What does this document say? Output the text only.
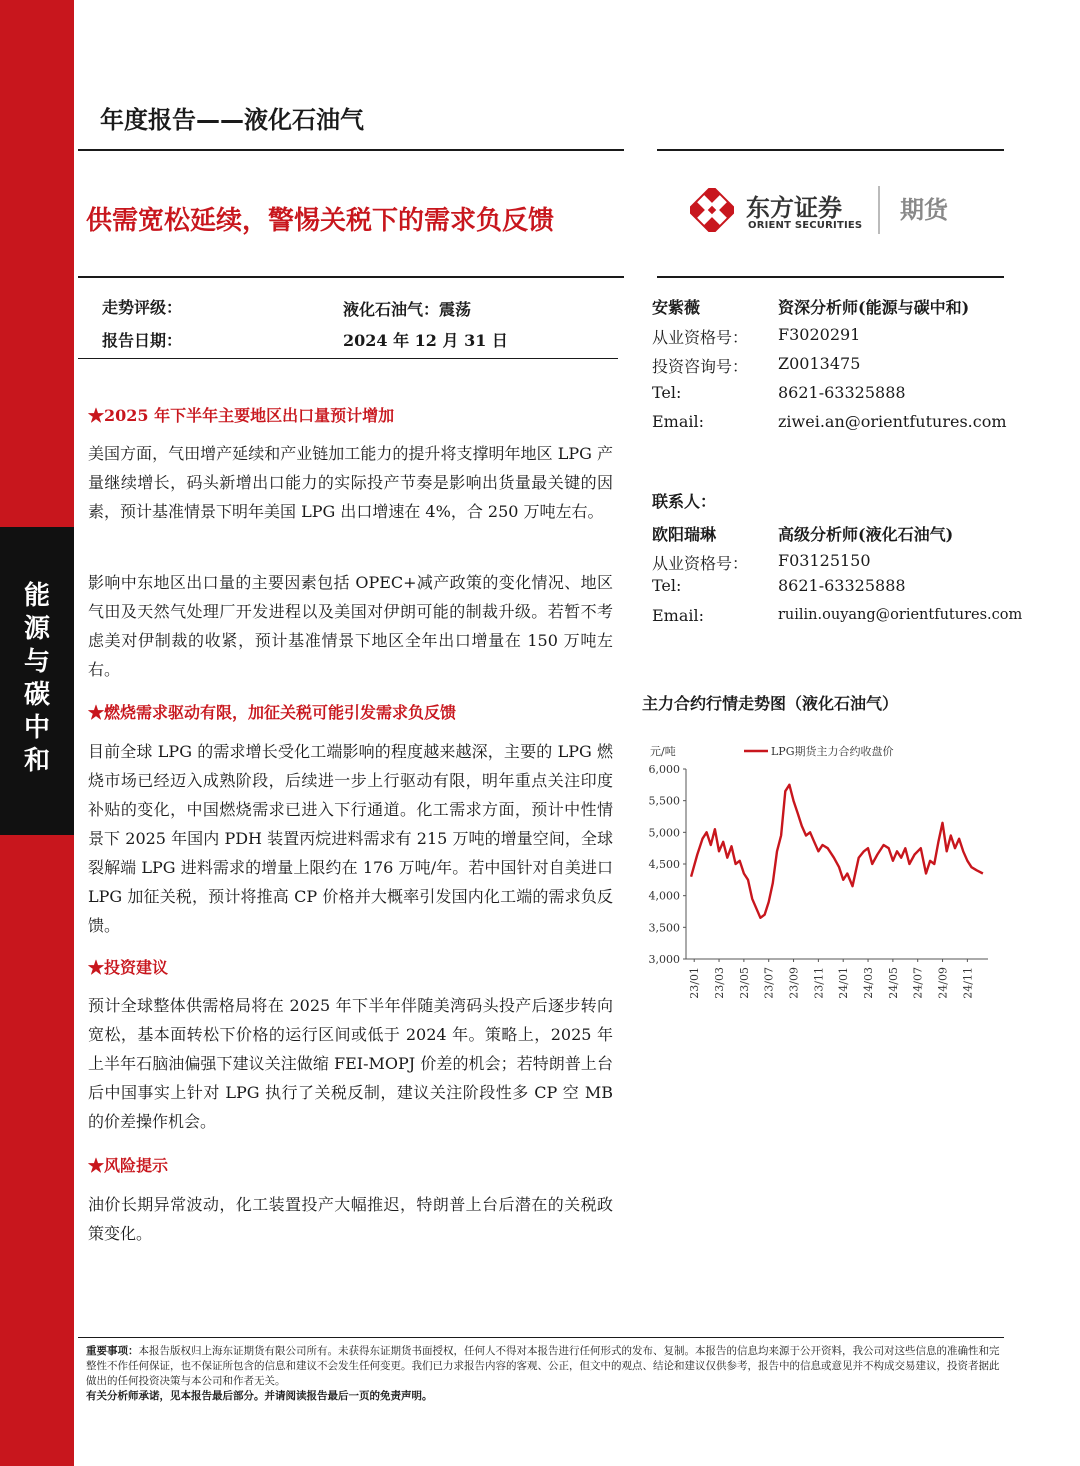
能
源
与
碳
中
和
年度报告——液化石油气
供需宽松延续，警惕关税下的需求负反馈	东方证券
ORIENT SECURITIES
期货
走势评级：	液化石油气：震荡
报告日期：	2024 年 12 月 31 日
安紫薇	资深分析师(能源与碳中和)
从业资格号： F3020291
投资咨询号： Z0013475
Tel:	8621-63325888
Email:	ziwei.an@orientfutures.com
联系人：
欧阳瑞琳	高级分析师(液化石油气)
从业资格号： F03125150
Tel:	8621-63325888
Email:	ruilin.ouyang@orientfutures.com
★2025 年下半年主要地区出口量预计增加

美国方面，气田增产延续和产业链加工能力的提升将支撑明年地区 LPG 产量继续增长，码头新增出口能力的实际投产节奏是影响出货量最关键的因素，预计基准情景下明年美国 LPG 出口增速在 4%，合 250 万吨左右。

影响中东地区出口量的主要因素包括 OPEC+减产政策的变化情况、地区气田及天然气处理厂开发进程以及美国对伊朗可能的制裁升级。若暂不考虑美对伊制裁的收紧，预计基准情景下地区全年出口增量在 150 万吨左右。

★燃烧需求驱动有限，加征关税可能引发需求负反馈

目前全球 LPG 的需求增长受化工端影响的程度越来越深，主要的 LPG 燃烧市场已经迈入成熟阶段，后续进一步上行驱动有限，明年重点关注印度补贴的变化，中国燃烧需求已进入下行通道。化工需求方面，预计中性情景下 2025 年国内 PDH 装置丙烷进料需求有 215 万吨的增量空间，全球裂解端 LPG 进料需求的增量上限约在 176 万吨/年。若中国针对自美进口 LPG 加征关税，预计将推高 CP 价格并大概率引发国内化工端的需求负反馈。

★投资建议

预计全球整体供需格局将在 2025 年下半年伴随美湾码头投产后逐步转向宽松，基本面转松下价格的运行区间或低于 2024 年。策略上，2025 年上半年石脑油偏强下建议关注做缩 FEI-MOPJ 价差的机会；若特朗普上台后中国事实上针对 LPG 执行了关税反制，建议关注阶段性多 CP 空 MB 的价差操作机会。

★风险提示

油价长期异常波动，化工装置投产大幅推迟，特朗普上台后潜在的关税政策变化。

主力合约行情走势图（液化石油气）
元/吨
6,000
5,500
5,000
4,500
4,000
3,500
3,000
23/01 23/03 23/05 23/07 23/09 23/11 24/01 24/03 24/05 24/07 24/09 24/11
LPG期货主力合约收盘价

重要事项：本报告版权归上海东证期货有限公司所有。未获得东证期货书面授权，任何人不得对本报告进行任何形式的发布、复制。本报告的信息均来源于公开资料，我公司对这些信息的准确性和完整性不作任何保证，也不保证所包含的信息和建议不会发生任何变更。我们已力求报告内容的客观、公正，但文中的观点、结论和建议仅供参考，报告中的信息或意见并不构成交易建议，投资者据此做出的任何投资决策与本公司和作者无关。
有关分析师承诺，见本报告最后部分。并请阅读报告最后一页的免责声明。
